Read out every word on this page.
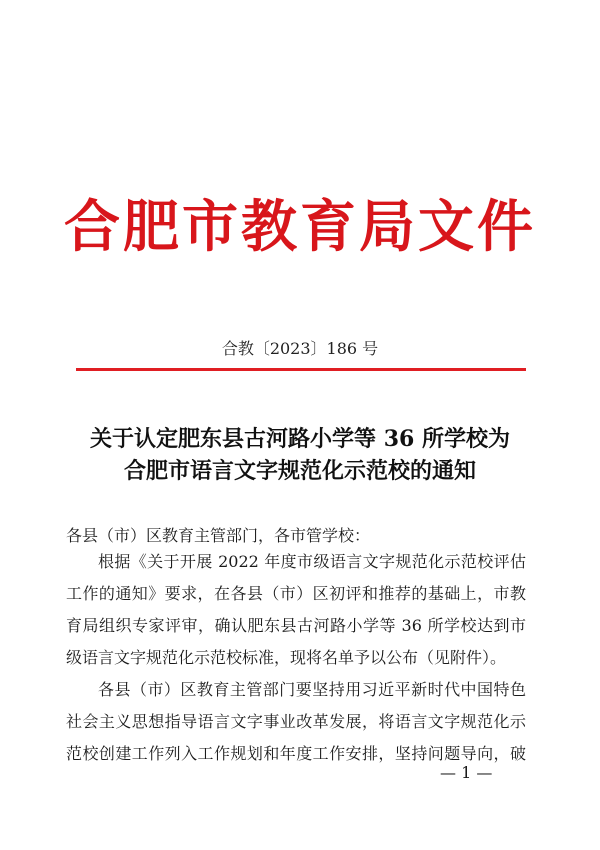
合肥市教育局文件
合教〔2023〕186 号
关于认定肥东县古河路小学等 36 所学校为
合肥市语言文字规范化示范校的通知
各县（市）区教育主管部门，各市管学校：
根据《关于开展 2022 年度市级语言文字规范化示范校评估
工作的通知》要求，在各县（市）区初评和推荐的基础上，市教
育局组织专家评审，确认肥东县古河路小学等 36 所学校达到市
级语言文字规范化示范校标准，现将名单予以公布（见附件）。
各县（市）区教育主管部门要坚持用习近平新时代中国特色
社会主义思想指导语言文字事业改革发展，将语言文字规范化示
范校创建工作列入工作规划和年度工作安排，坚持问题导向，破
— 1 —
